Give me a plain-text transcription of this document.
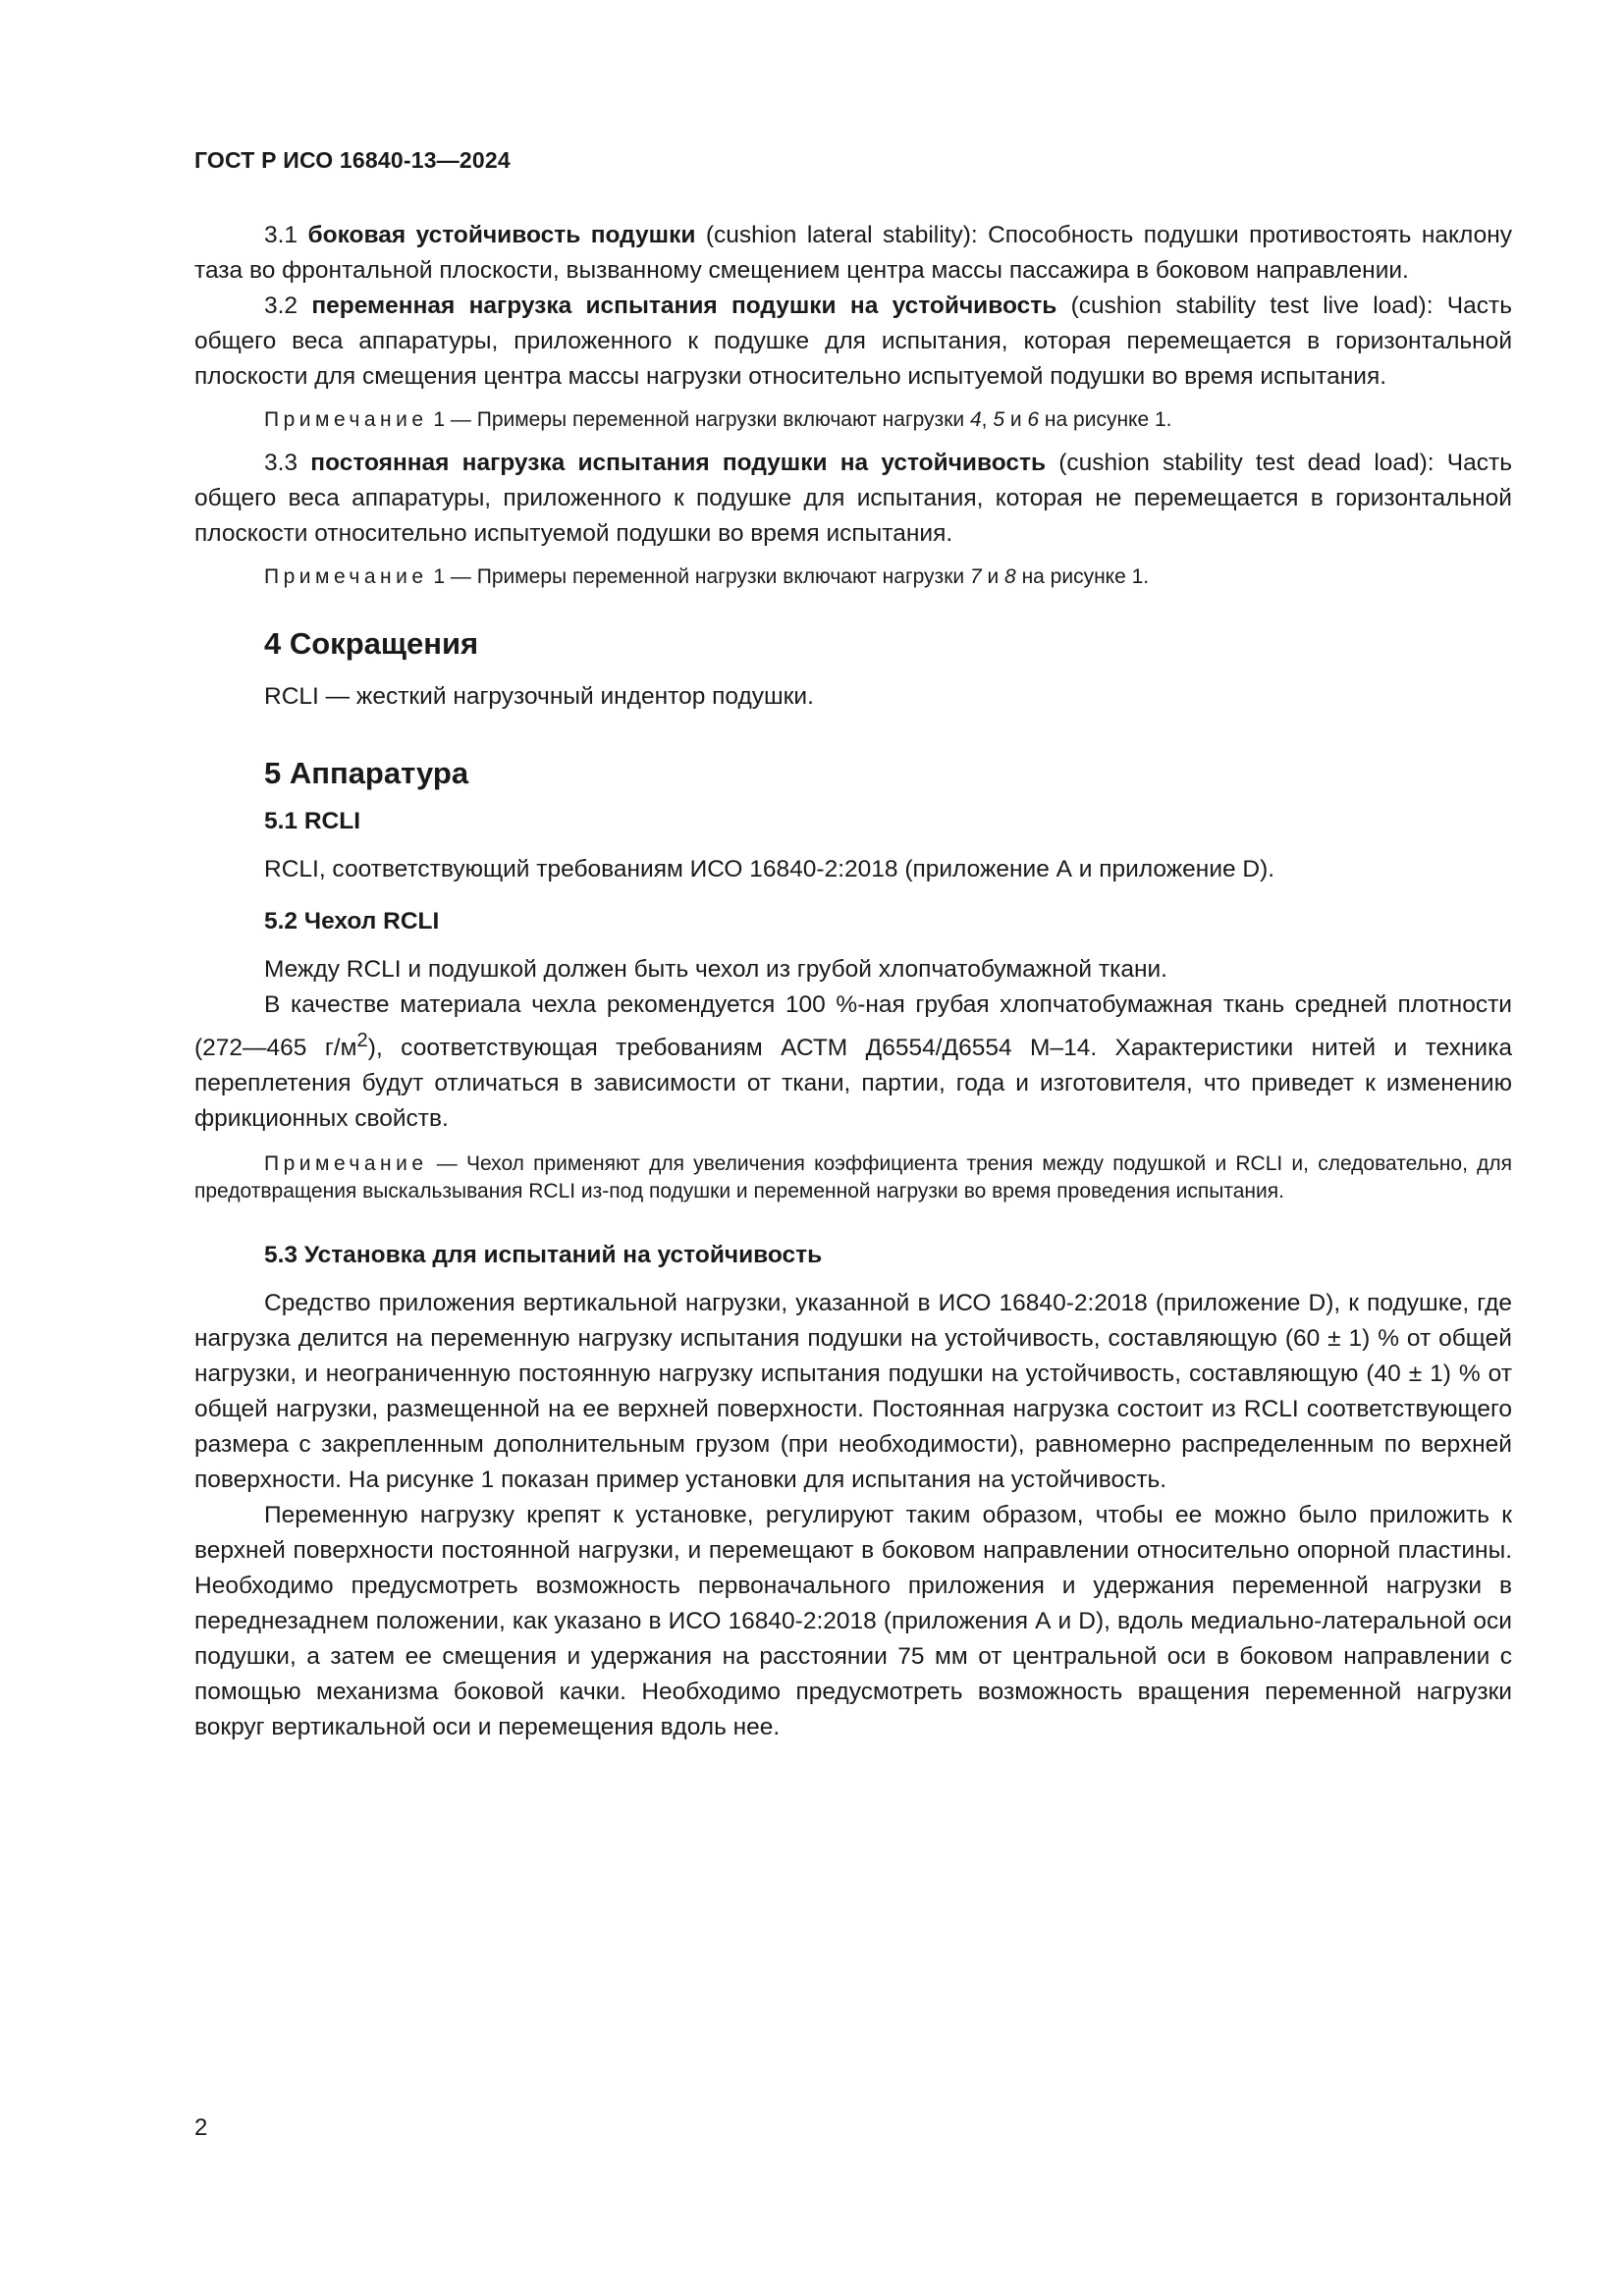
ГОСТ Р ИСО 16840-13—2024

3.1 боковая устойчивость подушки (cushion lateral stability): Способность подушки противостоять наклону таза во фронтальной плоскости, вызванному смещением центра массы пассажира в боковом направлении.

3.2 переменная нагрузка испытания подушки на устойчивость (cushion stability test live load): Часть общего веса аппаратуры, приложенного к подушке для испытания, которая перемещается в горизонтальной плоскости для смещения центра массы нагрузки относительно испытуемой подушки во время испытания.

Примечание 1 — Примеры переменной нагрузки включают нагрузки 4, 5 и 6 на рисунке 1.

3.3 постоянная нагрузка испытания подушки на устойчивость (cushion stability test dead load): Часть общего веса аппаратуры, приложенного к подушке для испытания, которая не перемещается в горизонтальной плоскости относительно испытуемой подушки во время испытания.

Примечание 1 — Примеры переменной нагрузки включают нагрузки 7 и 8 на рисунке 1.

4 Сокращения

RCLI — жесткий нагрузочный индентор подушки.

5 Аппаратура
5.1 RCLI

RCLI, соответствующий требованиям ИСО 16840-2:2018 (приложение А и приложение D).

5.2 Чехол RCLI

Между RCLI и подушкой должен быть чехол из грубой хлопчатобумажной ткани.

В качестве материала чехла рекомендуется 100 %-ная грубая хлопчатобумажная ткань средней плотности (272—465 $г/м^2$), соответствующая требованиям АСТМ Д6554/Д6554 М–14. Характеристики нитей и техника переплетения будут отличаться в зависимости от ткани, партии, года и изготовителя, что приведет к изменению фрикционных свойств.

Примечание — Чехол применяют для увеличения коэффициента трения между подушкой и RCLI и, следовательно, для предотвращения выскальзывания RCLI из-под подушки и переменной нагрузки во время проведения испытания.

5.3 Установка для испытаний на устойчивость

Средство приложения вертикальной нагрузки, указанной в ИСО 16840-2:2018 (приложение D), к подушке, где нагрузка делится на переменную нагрузку испытания подушки на устойчивость, составляющую (60 ± 1) % от общей нагрузки, и неограниченную постоянную нагрузку испытания подушки на устойчивость, составляющую (40 ± 1) % от общей нагрузки, размещенной на ее верхней поверхности. Постоянная нагрузка состоит из RCLI соответствующего размера с закрепленным дополнительным грузом (при необходимости), равномерно распределенным по верхней поверхности. На рисунке 1 показан пример установки для испытания на устойчивость.

Переменную нагрузку крепят к установке, регулируют таким образом, чтобы ее можно было приложить к верхней поверхности постоянной нагрузки, и перемещают в боковом направлении относительно опорной пластины. Необходимо предусмотреть возможность первоначального приложения и удержания переменной нагрузки в переднезаднем положении, как указано в ИСО 16840-2:2018 (приложения А и D), вдоль медиально-латеральной оси подушки, а затем ее смещения и удержания на расстоянии 75 мм от центральной оси в боковом направлении с помощью механизма боковой качки. Необходимо предусмотреть возможность вращения переменной нагрузки вокруг вертикальной оси и перемещения вдоль нее.

2
